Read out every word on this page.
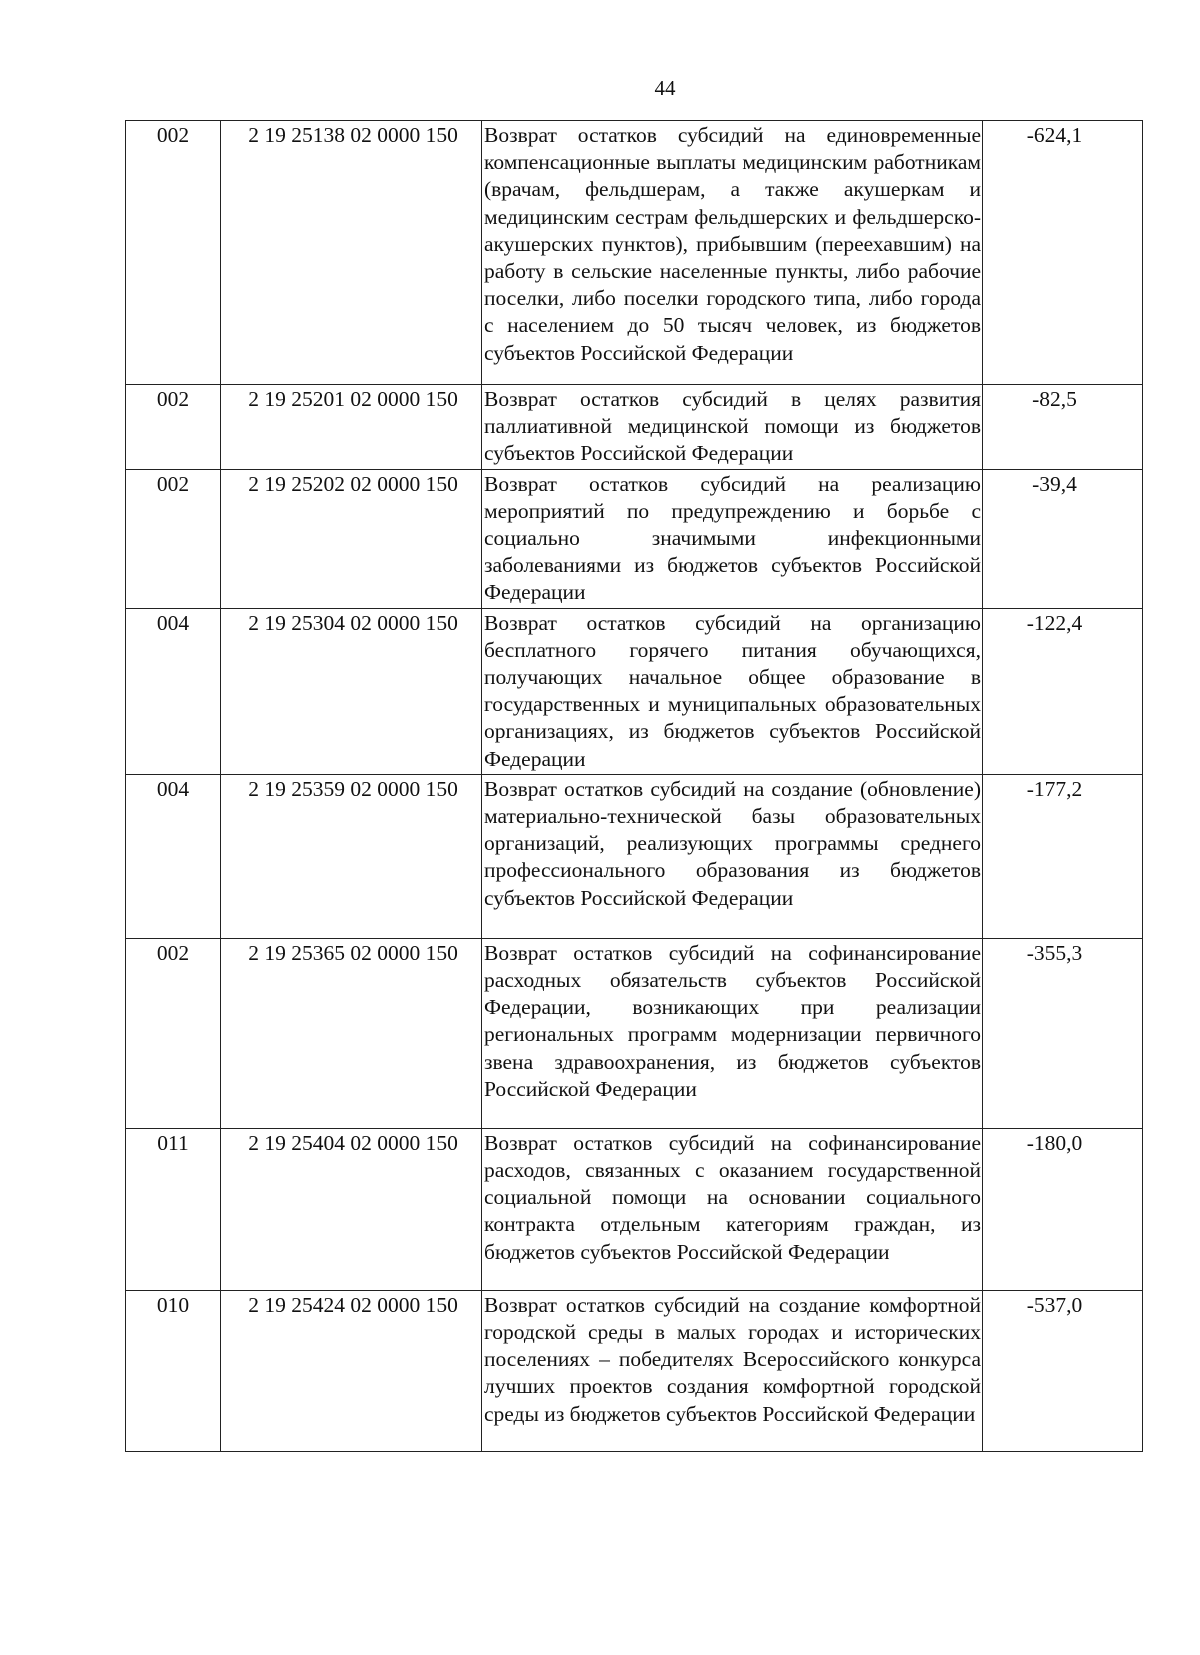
44
002	2 19 25138 02 0000 150	Возврат остатков субсидий на единовременные компенсационные выплаты медицинским работникам (врачам, фельдшерам, а также акушеркам и медицинским сестрам фельдшерских и фельдшерско-акушерских пунктов), прибывшим (переехавшим) на работу в сельские населенные пункты, либо рабочие поселки, либо поселки городского типа, либо города с населением до 50 тысяч человек, из бюджетов субъектов Российской Федерации	-624,1
002	2 19 25201 02 0000 150	Возврат остатков субсидий в целях развития паллиативной медицинской помощи из бюджетов субъектов Российской Федерации	-82,5
002	2 19 25202 02 0000 150	Возврат остатков субсидий на реализацию мероприятий по предупреждению и борьбе с социально значимыми инфекционными заболеваниями из бюджетов субъектов Российской Федерации	-39,4
004	2 19 25304 02 0000 150	Возврат остатков субсидий на организацию бесплатного горячего питания обучающихся, получающих начальное общее образование в государственных и муниципальных образовательных организациях, из бюджетов субъектов Российской Федерации	-122,4
004	2 19 25359 02 0000 150	Возврат остатков субсидий на создание (обновление) материально-технической базы образовательных организаций, реализующих программы среднего профессионального образования из бюджетов субъектов Российской Федерации	-177,2
002	2 19 25365 02 0000 150	Возврат остатков субсидий на софинансирование расходных обязательств субъектов Российской Федерации, возникающих при реализации региональных программ модернизации первичного звена здравоохранения, из бюджетов субъектов Российской Федерации	-355,3
011	2 19 25404 02 0000 150	Возврат остатков субсидий на софинансирование расходов, связанных с оказанием государственной социальной помощи на основании социального контракта отдельным категориям граждан, из бюджетов субъектов Российской Федерации	-180,0
010	2 19 25424 02 0000 150	Возврат остатков субсидий на создание комфортной городской среды в малых городах и исторических поселениях – победителях Всероссийского конкурса лучших проектов создания комфортной городской среды из бюджетов субъектов Российской Федерации	-537,0
